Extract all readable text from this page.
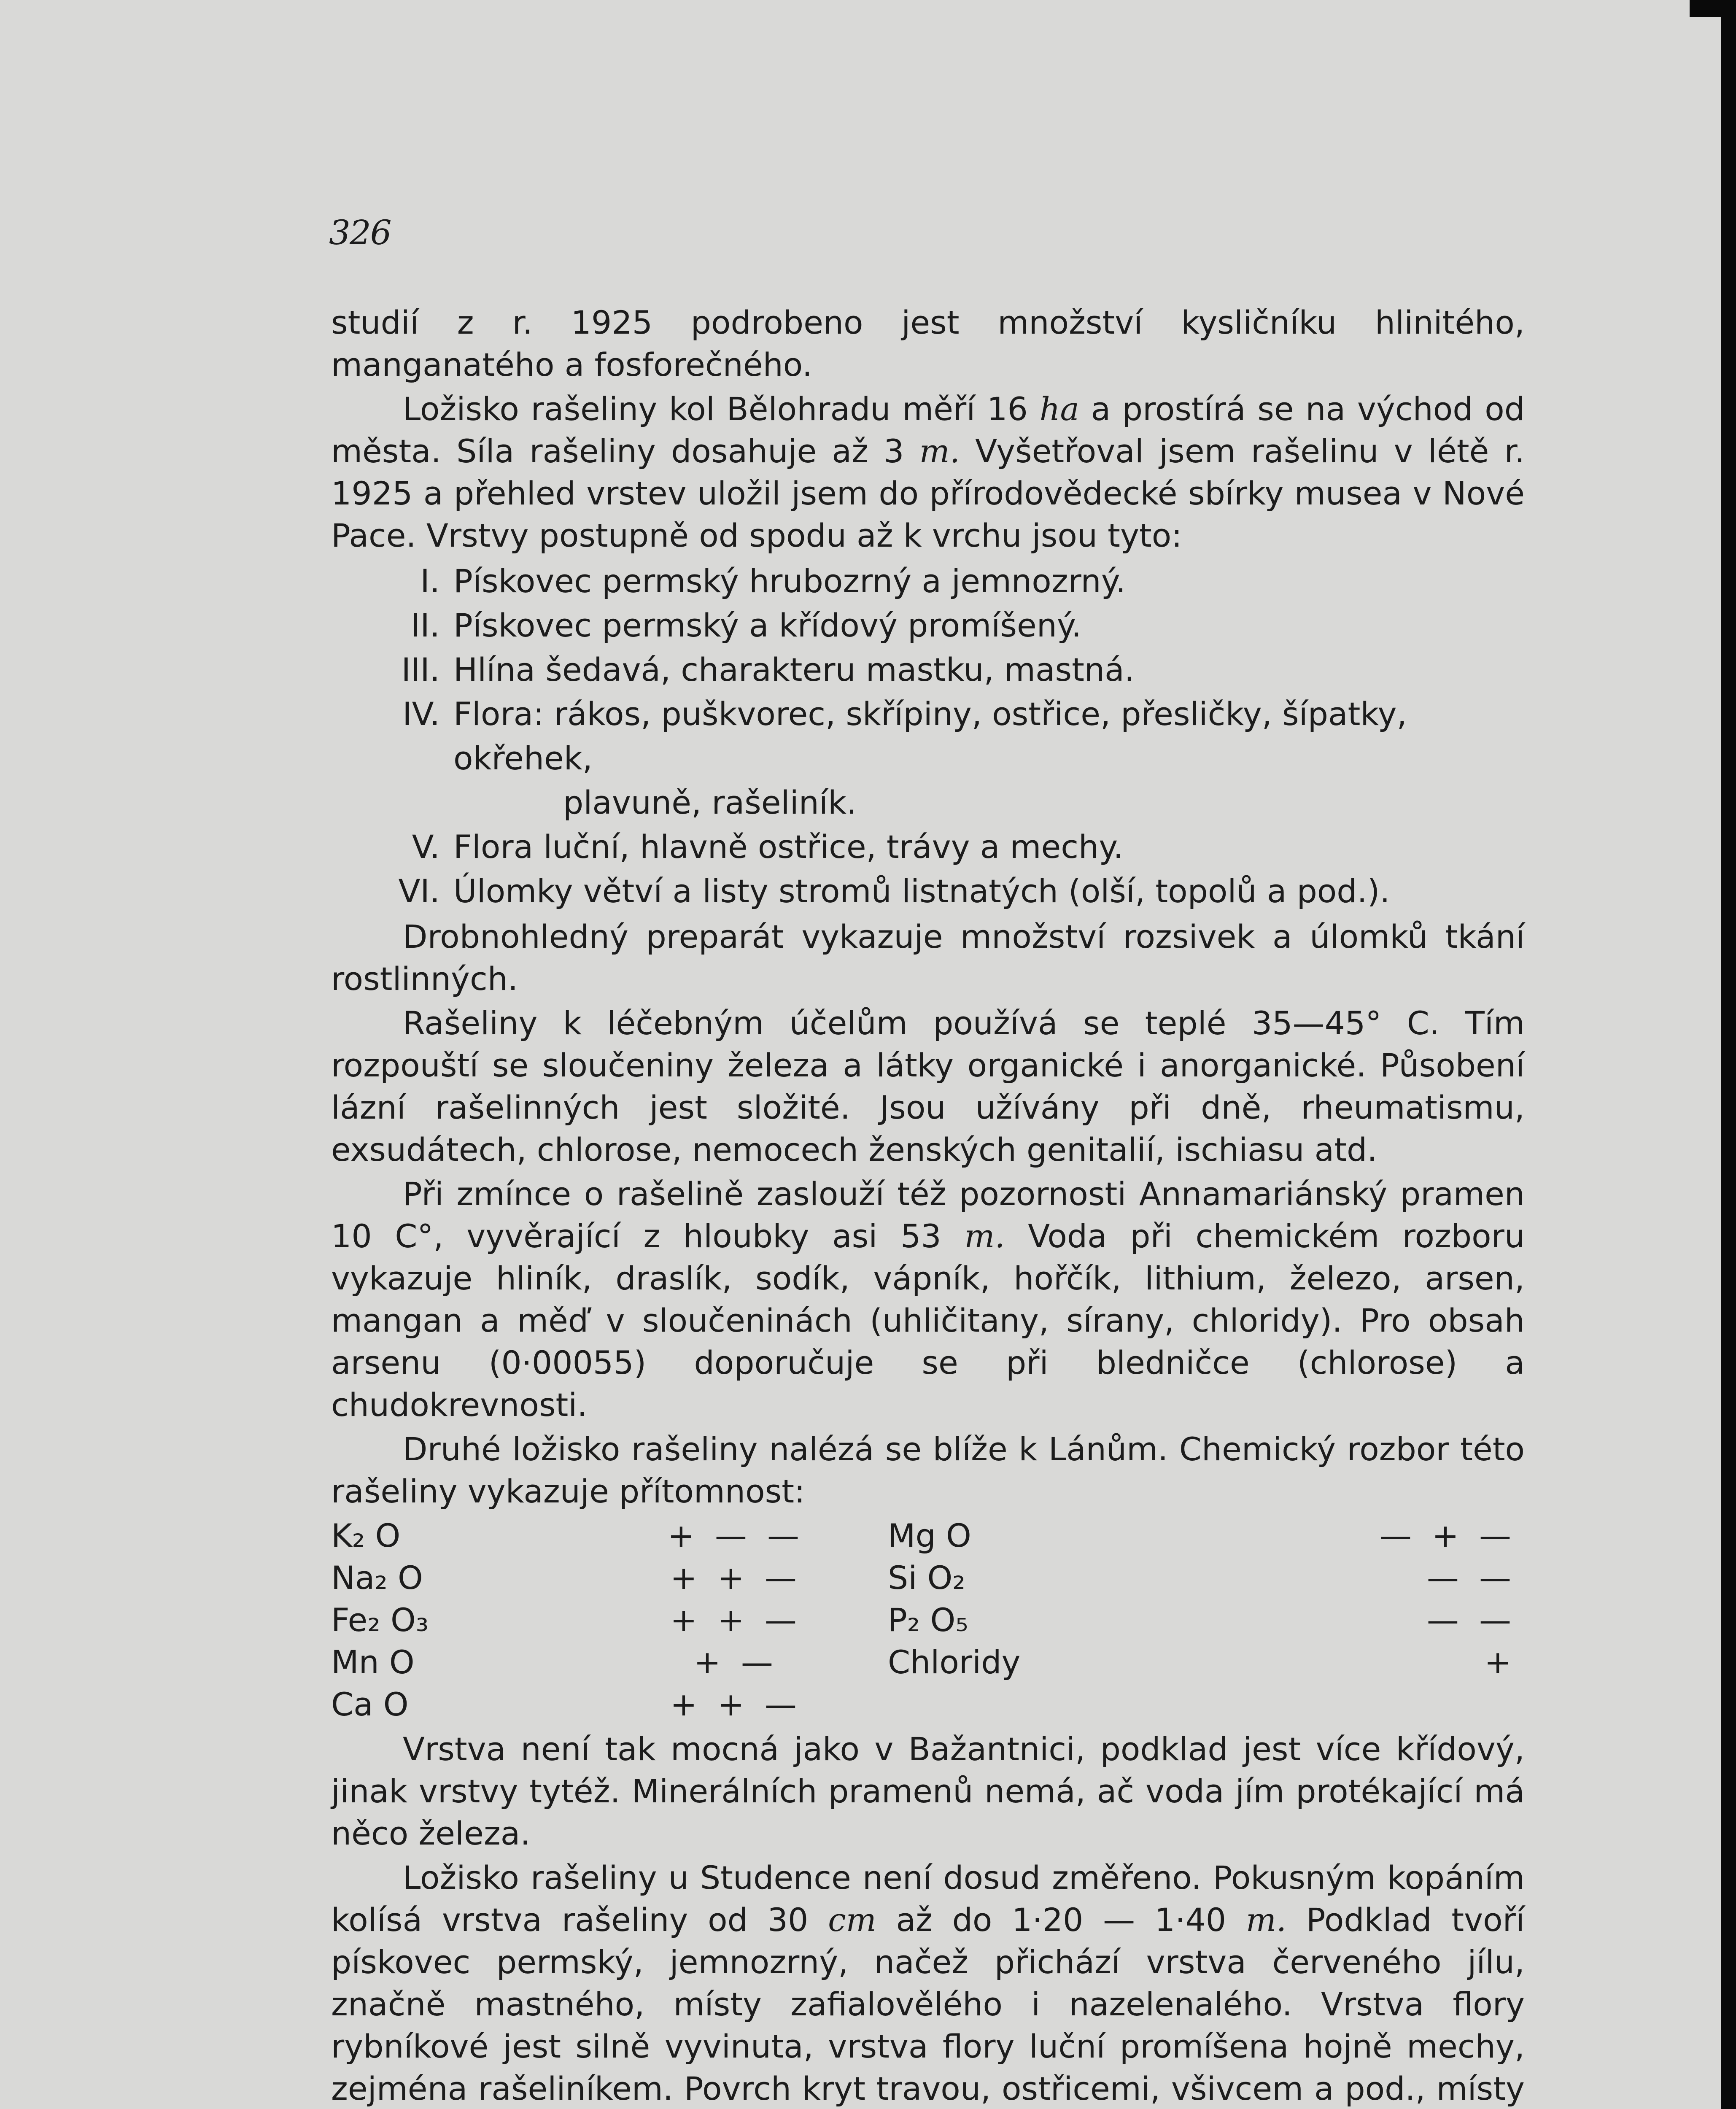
326

studií z r. 1925 podrobeno jest množství kysličníku hlinitého, manganatého a fosforečného.

Ložisko rašeliny kol Bělohradu měří 16 ha a prostírá se na východ od města. Síla rašeliny dosahuje až 3 m. Vyšetřoval jsem rašelinu v létě r. 1925 a přehled vrstev uložil jsem do přírodovědecké sbírky musea v Nové Pace. Vrstvy postupně od spodu až k vrchu jsou tyto:

I. Pískovec permský hrubozrný a jemnozrný.
II. Pískovec permský a křídový promíšený.
III. Hlína šedavá, charakteru mastku, mastná.
IV. Flora: rákos, puškvorec, skřípiny, ostřice, přesličky, šípatky, okřehek,
plavuně, rašeliník.
V. Flora luční, hlavně ostřice, trávy a mechy.
VI. Úlomky větví a listy stromů listnatých (olší, topolů a pod.).

Drobnohledný preparát vykazuje množství rozsivek a úlomků tkání rostlinných.

Rašeliny k léčebným účelům používá se teplé 35—45° C. Tím rozpouští se sloučeniny železa a látky organické i anorganické. Působení lázní rašelinných jest složité. Jsou užívány při dně, rheumatismu, exsudátech, chlorose, nemocech ženských genitalií, ischiasu atd.

Při zmínce o rašelině zaslouží též pozornosti Annamariánský pramen 10 C°, vyvěrající z hloubky asi 53 m. Voda při chemickém rozboru vykazuje hliník, draslík, sodík, vápník, hořčík, lithium, železo, arsen, mangan a měď v sloučeninách (uhličitany, sírany, chloridy). Pro obsah arsenu (0·00055) doporučuje se při bledničce (chlorose) a chudokrevnosti.

Druhé ložisko rašeliny nalézá se blíže k Lánům. Chemický rozbor této rašeliny vykazuje přítomnost:

K₂ O	+ — —	Mg O	— + —
Na₂ O	+ + —	Si O₂	— —
Fe₂ O₃	+ + —	P₂ O₅	— —
Mn O	+ —	Chloridy	+
Ca O	+ + —

Vrstva není tak mocná jako v Bažantnici, podklad jest více křídový, jinak vrstvy tytéž. Minerálních pramenů nemá, ač voda jím protékající má něco železa.

Ložisko rašeliny u Studence není dosud změřeno. Pokusným kopáním kolísá vrstva rašeliny od 30 cm až do 1·20 — 1·40 m. Podklad tvoří pískovec permský, jemnozrný, načež přichází vrstva červeného jílu, značně mastného, místy zafialovělého i nazelenalého. Vrstva flory rybníkové jest silně vyvinuta, vrstva flory luční promíšena hojně mechy, zejména rašeliníkem. Povrch kryt travou, ostřicemi, všivcem a pod., místy
